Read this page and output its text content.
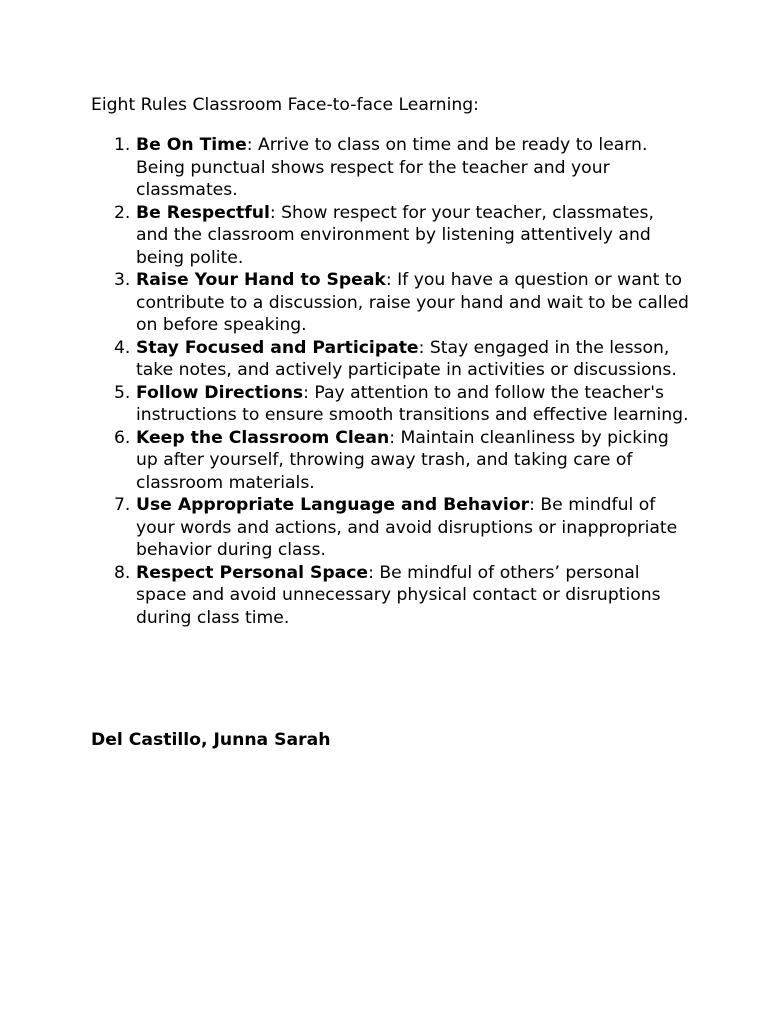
Eight Rules Classroom Face-to-face Learning:
1. Be On Time: Arrive to class on time and be ready to learn. Being punctual shows respect for the teacher and your classmates.
2. Be Respectful: Show respect for your teacher, classmates, and the classroom environment by listening attentively and being polite.
3. Raise Your Hand to Speak: If you have a question or want to contribute to a discussion, raise your hand and wait to be called on before speaking.
4. Stay Focused and Participate: Stay engaged in the lesson, take notes, and actively participate in activities or discussions.
5. Follow Directions: Pay attention to and follow the teacher's instructions to ensure smooth transitions and effective learning.
6. Keep the Classroom Clean: Maintain cleanliness by picking up after yourself, throwing away trash, and taking care of classroom materials.
7. Use Appropriate Language and Behavior: Be mindful of your words and actions, and avoid disruptions or inappropriate behavior during class.
8. Respect Personal Space: Be mindful of others’ personal space and avoid unnecessary physical contact or disruptions during class time.
Del Castillo, Junna Sarah
